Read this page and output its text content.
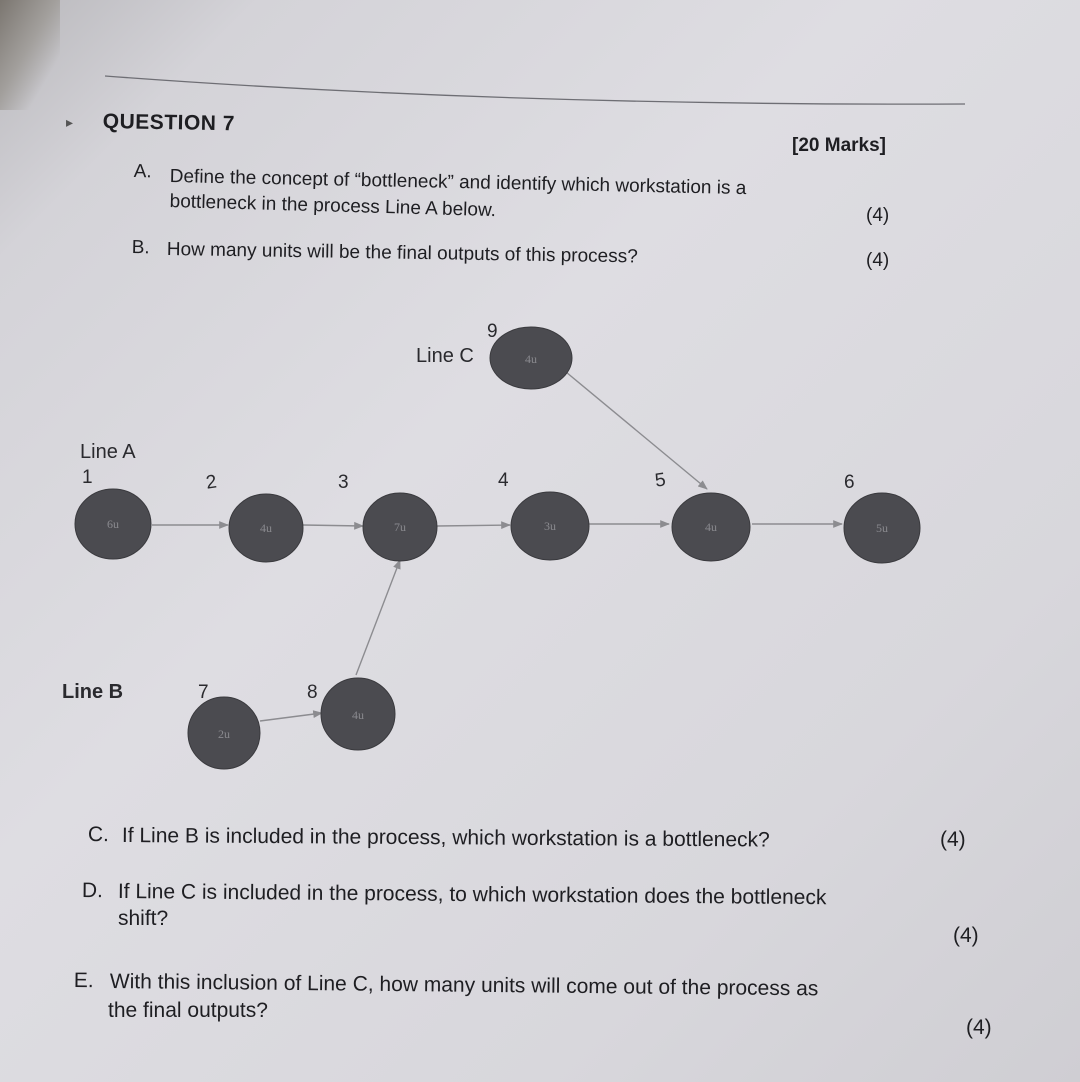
▸ QUESTION 7
[20 Marks]
A. Define the concept of “bottleneck” and identify which workstation is a
bottleneck in the process Line A below.	(4)
B. How many units will be the final outputs of this process?	(4)
Line A
Line B
Line C
1	2	3	4	5	6
7	8
9
6u	4u	7u	3u	4u	5u
2u
4u
4u
C. If Line B is included in the process, which workstation is a bottleneck?	(4)
D. If Line C is included in the process, to which workstation does the bottleneck
shift?
(4)
E. With this inclusion of Line C, how many units will come out of the process as
the final outputs?
(4)
